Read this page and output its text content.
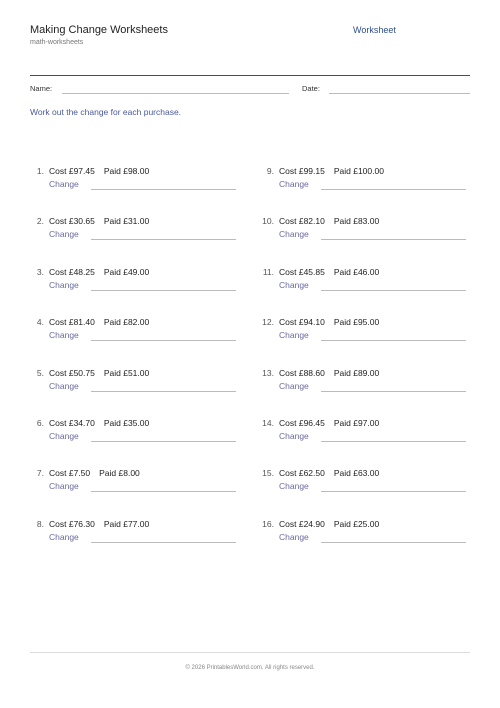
Making Change Worksheets
math-worksheets
Worksheet
Name:	Date:
Work out the change for each purchase.
1. Cost £97.45 Paid £98.00
Change
2. Cost £30.65 Paid £31.00
Change
3. Cost £48.25 Paid £49.00
Change
4. Cost £81.40 Paid £82.00
Change
5. Cost £50.75 Paid £51.00
Change
6. Cost £34.70 Paid £35.00
Change
7. Cost £7.50 Paid £8.00
Change
8. Cost £76.30 Paid £77.00
Change
9. Cost £99.15 Paid £100.00
Change
10. Cost £82.10 Paid £83.00
Change
11. Cost £45.85 Paid £46.00
Change
12. Cost £94.10 Paid £95.00
Change
13. Cost £88.60 Paid £89.00
Change
14. Cost £96.45 Paid £97.00
Change
15. Cost £62.50 Paid £63.00
Change
16. Cost £24.90 Paid £25.00
Change
© 2026 PrintablesWorld.com. All rights reserved.
